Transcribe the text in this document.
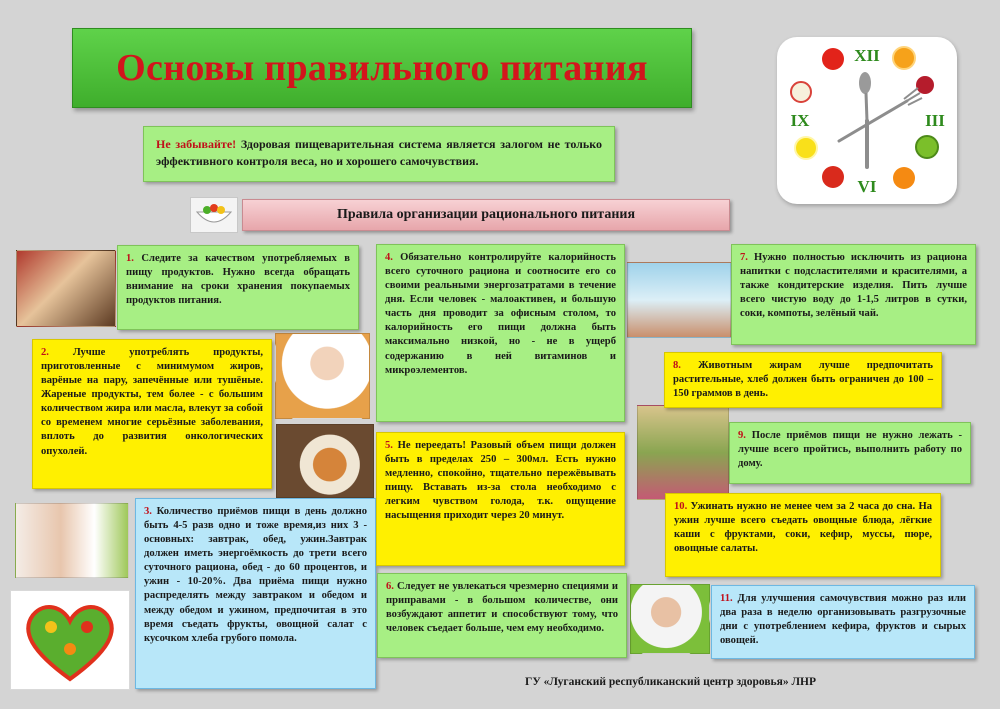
Основы правильного питания	XII
III
VI
IX
Не забывайте! Здоровая пищеварительная система является залогом не только эффективного контроля веса, но и хорошего самочувствия.
Правила организации рационального питания
1. Следите за качеством употребляемых в пищу продуктов. Нужно всегда обращать внимание на сроки хранения покупаемых продуктов питания.
2. Лучше употреблять продукты, приготовленные с минимумом жиров, варёные на пару, запечённые или тушёные. Жареные продукты, тем более - с большим количеством жира или масла, влекут за собой со временем многие серьёзные заболевания, вплоть до развития онкологических опухолей.
3. Количество приёмов пищи в день должно быть 4-5 разв одно и тоже время,из них 3 - основных: завтрак, обед, ужин.Завтрак должен иметь энергоёмкость до трети всего суточного рациона, обед - до 60 процентов, и ужин - 10-20%. Два приёма пищи нужно распределять между завтраком и обедом и между обедом и ужином, предпочитая в это время съедать фрукты, овощной салат с кусочком хлеба грубого помола.
4. Обязательно контролируйте калорийность всего суточного рациона и соотносите его со своими реальными энергозатратами в течение дня. Если человек - малоактивен, и большую часть дня проводит за офисным столом, то калорийность его пищи должна быть максимально низкой, но - не в ущерб содержанию в ней витаминов и микроэлементов.
5. Не переедать! Разовый объем пищи должен быть в пределах 250 – 300мл. Есть нужно медленно, спокойно, тщательно пережёвывать пищу. Вставать из-за стола необходимо с легким чувством голода, т.к. ощущение насыщения приходит через 20 минут.
6. Следует не увлекаться чрезмерно специями и приправами - в большом количестве, они возбуждают аппетит и способствуют тому, что человек съедает больше, чем ему необходимо.
7. Нужно полностью исключить из рациона напитки с подсластителями и красителями, а также кондитерские изделия. Пить лучше всего чистую воду до 1-1,5 литров в сутки, соки, компоты, зелёный чай.
8. Животным жирам лучше предпочитать растительные, хлеб должен быть ограничен до 100 – 150 граммов в день.
9. После приёмов пищи не нужно лежать - лучше всего пройтись, выполнить работу по дому.
10. Ужинать нужно не менее чем за 2 часа до сна. На ужин лучше всего съедать овощные блюда, лёгкие каши с фруктами, соки, кефир, муссы, пюре, овощные салаты.
11. Для улучшения самочувствия можно раз или два раза в неделю организовывать разгрузочные дни с употреблением кефира, фруктов и сырых овощей.
ГУ «Луганский республиканский центр здоровья» ЛНР
